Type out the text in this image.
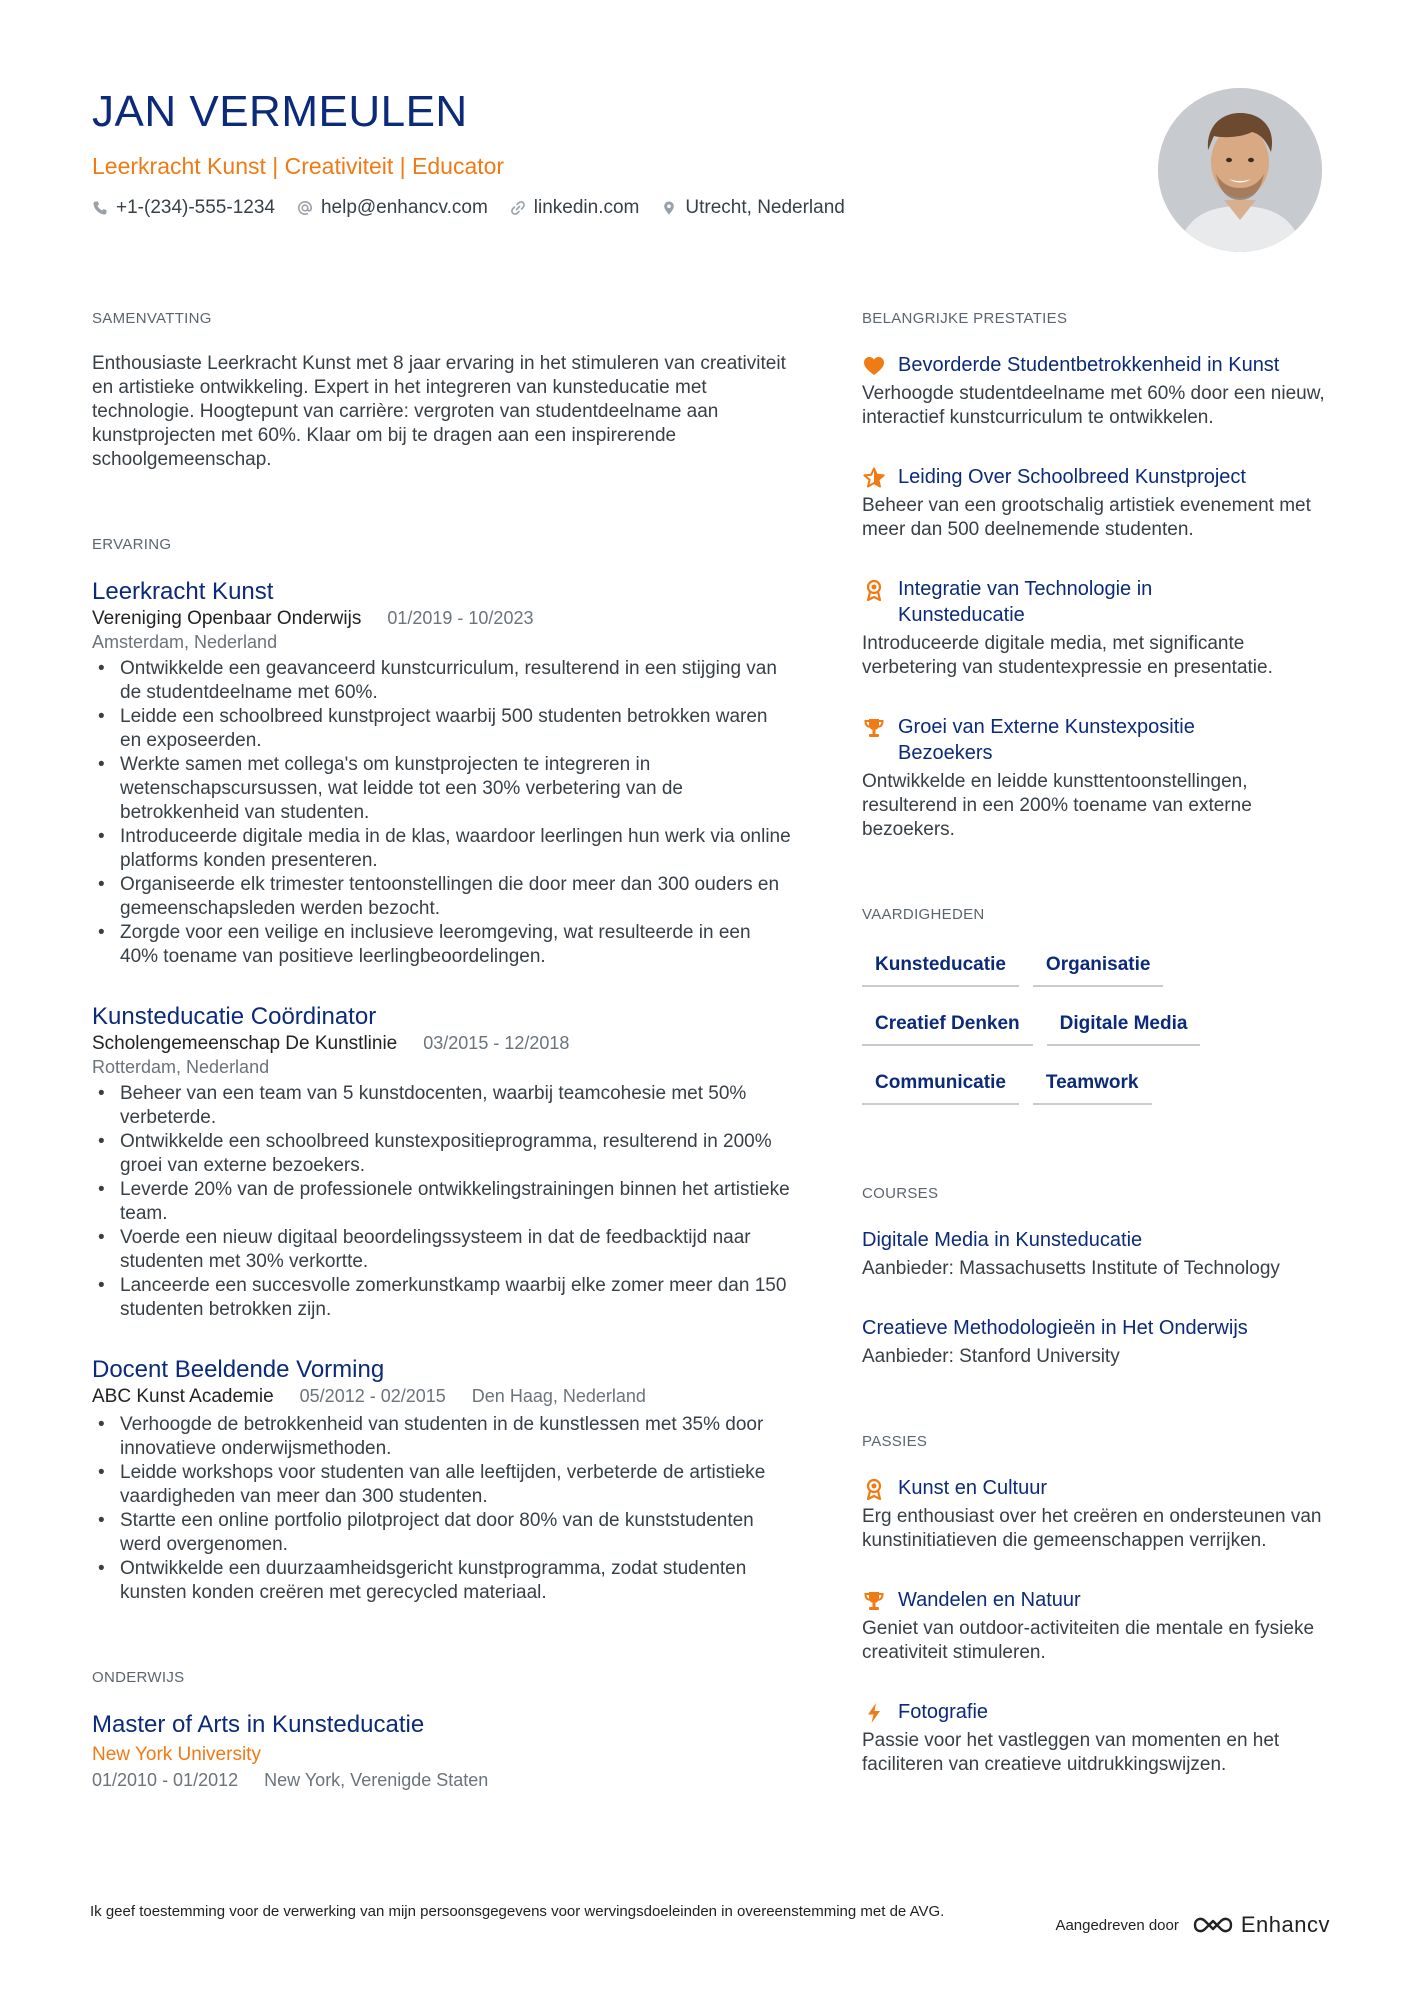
JAN VERMEULEN
Leerkracht Kunst | Creativiteit | Educator
+1-(234)-555-1234 help@enhancv.com linkedin.com Utrecht, Nederland
SAMENVATTING
Enthousiaste Leerkracht Kunst met 8 jaar ervaring in het stimuleren van creativiteit en artistieke ontwikkeling. Expert in het integreren van kunsteducatie met technologie. Hoogtepunt van carrière: vergroten van studentdeelname aan kunstprojecten met 60%. Klaar om bij te dragen aan een inspirerende schoolgemeenschap.
ERVARING
Leerkracht Kunst
Vereniging Openbaar Onderwijs 01/2019 - 10/2023
Amsterdam, Nederland
• Ontwikkelde een geavanceerd kunstcurriculum, resulterend in een stijging van de studentdeelname met 60%.
• Leidde een schoolbreed kunstproject waarbij 500 studenten betrokken waren en exposeerden.
• Werkte samen met collega's om kunstprojecten te integreren in wetenschapscursussen, wat leidde tot een 30% verbetering van de betrokkenheid van studenten.
• Introduceerde digitale media in de klas, waardoor leerlingen hun werk via online platforms konden presenteren.
• Organiseerde elk trimester tentoonstellingen die door meer dan 300 ouders en gemeenschapsleden werden bezocht.
• Zorgde voor een veilige en inclusieve leeromgeving, wat resulteerde in een 40% toename van positieve leerlingbeoordelingen.
Kunsteducatie Coördinator
Scholengemeenschap De Kunstlinie 03/2015 - 12/2018
Rotterdam, Nederland
• Beheer van een team van 5 kunstdocenten, waarbij teamcohesie met 50% verbeterde.
• Ontwikkelde een schoolbreed kunstexpositieprogramma, resulterend in 200% groei van externe bezoekers.
• Leverde 20% van de professionele ontwikkelingstrainingen binnen het artistieke team.
• Voerde een nieuw digitaal beoordelingssysteem in dat de feedbacktijd naar studenten met 30% verkortte.
• Lanceerde een succesvolle zomerkunstkamp waarbij elke zomer meer dan 150 studenten betrokken zijn.
Docent Beeldende Vorming
ABC Kunst Academie 05/2012 - 02/2015 Den Haag, Nederland
• Verhoogde de betrokkenheid van studenten in de kunstlessen met 35% door innovatieve onderwijsmethoden.
• Leidde workshops voor studenten van alle leeftijden, verbeterde de artistieke vaardigheden van meer dan 300 studenten.
• Startte een online portfolio pilotproject dat door 80% van de kunststudenten werd overgenomen.
• Ontwikkelde een duurzaamheidsgericht kunstprogramma, zodat studenten kunsten konden creëren met gerecycled materiaal.
ONDERWIJS
Master of Arts in Kunsteducatie
New York University
01/2010 - 01/2012 New York, Verenigde Staten
BELANGRIJKE PRESTATIES
Bevorderde Studentbetrokkenheid in Kunst
Verhoogde studentdeelname met 60% door een nieuw, interactief kunstcurriculum te ontwikkelen.
Leiding Over Schoolbreed Kunstproject
Beheer van een grootschalig artistiek evenement met meer dan 500 deelnemende studenten.
Integratie van Technologie in Kunsteducatie
Introduceerde digitale media, met significante verbetering van studentexpressie en presentatie.
Groei van Externe Kunstexpositie Bezoekers
Ontwikkelde en leidde kunsttentoonstellingen, resulterend in een 200% toename van externe bezoekers.
VAARDIGHEDEN
Kunsteducatie	Organisatie
Creatief Denken	Digitale Media
Communicatie	Teamwork
COURSES
Digitale Media in Kunsteducatie
Aanbieder: Massachusetts Institute of Technology
Creatieve Methodologieën in Het Onderwijs
Aanbieder: Stanford University
PASSIES
Kunst en Cultuur
Erg enthousiast over het creëren en ondersteunen van kunstinitiatieven die gemeenschappen verrijken.
Wandelen en Natuur
Geniet van outdoor-activiteiten die mentale en fysieke creativiteit stimuleren.
Fotografie
Passie voor het vastleggen van momenten en het faciliteren van creatieve uitdrukkingswijzen.
Ik geef toestemming voor de verwerking van mijn persoonsgegevens voor wervingsdoeleinden in overeenstemming met de AVG.
Aangedreven door	Enhancv
